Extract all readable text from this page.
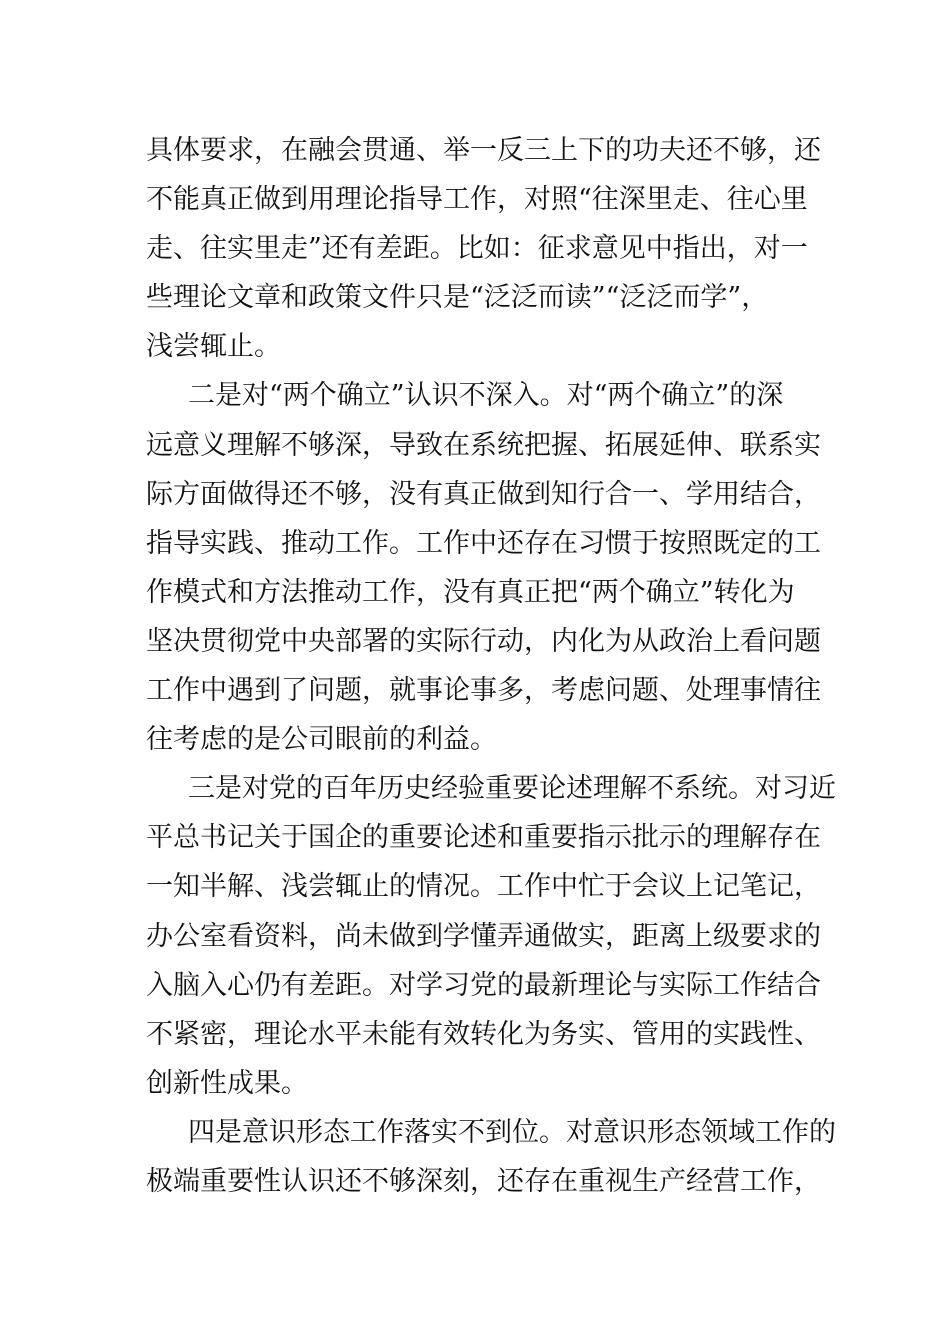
具体要求，在融会贯通、举一反三上下的功夫还不够，还
不能真正做到用理论指导工作，对照“往深里走、往心里
走、往实里走”还有差距。比如：征求意见中指出，对一
些理论文章和政策文件只是“泛泛而读”“泛泛而学”，
浅尝辄止。
二是对“两个确立”认识不深入。对“两个确立”的深
远意义理解不够深，导致在系统把握、拓展延伸、联系实
际方面做得还不够，没有真正做到知行合一、学用结合，
指导实践、推动工作。工作中还存在习惯于按照既定的工
作模式和方法推动工作，没有真正把“两个确立”转化为
坚决贯彻党中央部署的实际行动，内化为从政治上看问题
工作中遇到了问题，就事论事多，考虑问题、处理事情往
往考虑的是公司眼前的利益。
三是对党的百年历史经验重要论述理解不系统。对习近
平总书记关于国企的重要论述和重要指示批示的理解存在
一知半解、浅尝辄止的情况。工作中忙于会议上记笔记，
办公室看资料，尚未做到学懂弄通做实，距离上级要求的
入脑入心仍有差距。对学习党的最新理论与实际工作结合
不紧密，理论水平未能有效转化为务实、管用的实践性、
创新性成果。
四是意识形态工作落实不到位。对意识形态领域工作的
极端重要性认识还不够深刻，还存在重视生产经营工作，
